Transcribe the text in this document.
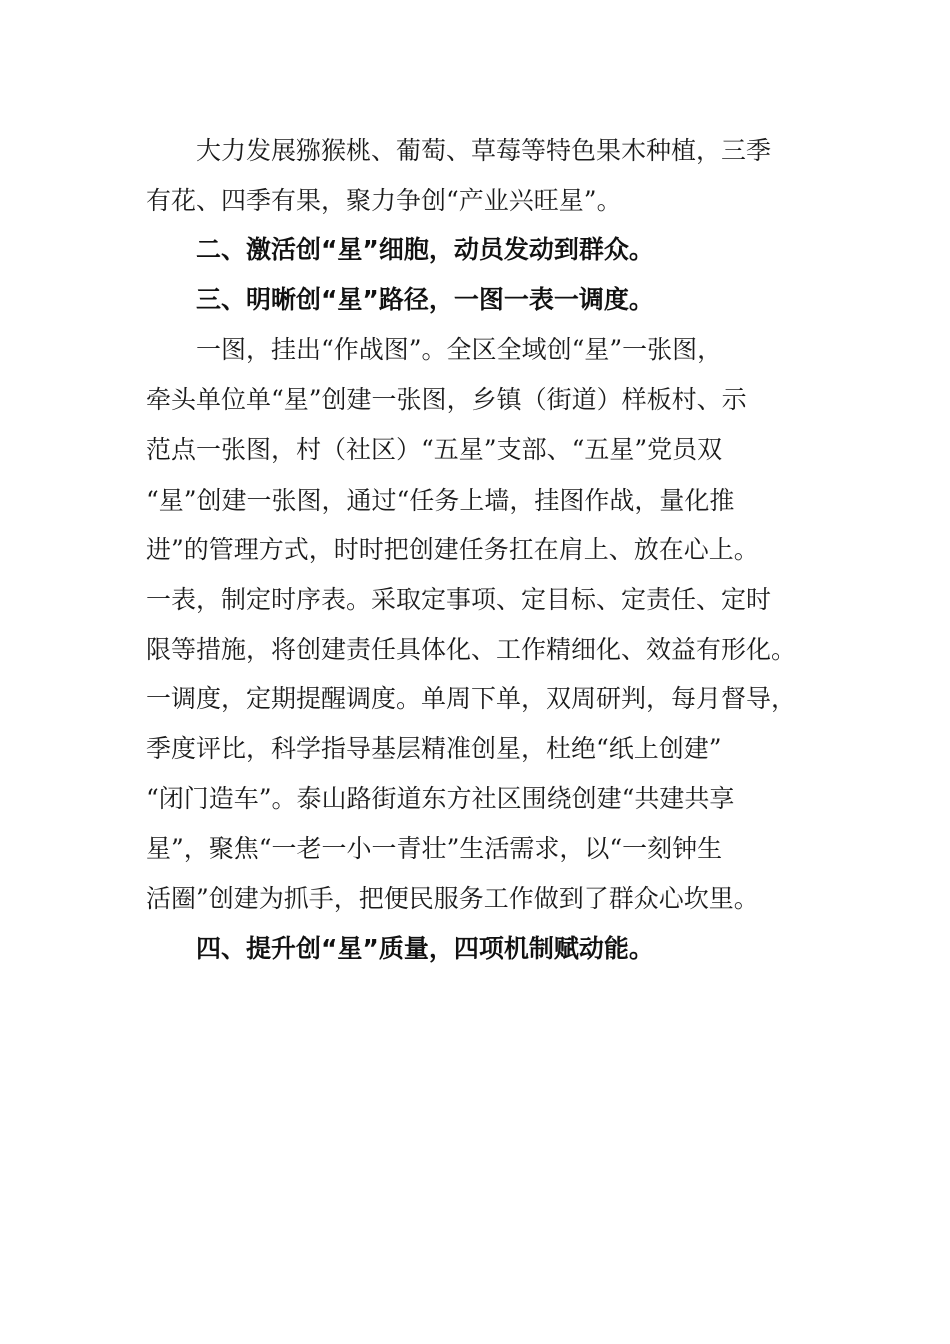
大力发展猕猴桃、葡萄、草莓等特色果木种植，三季
有花、四季有果，聚力争创“产业兴旺星”。
二、激活创“星”细胞，动员发动到群众。
三、明晰创“星”路径，一图一表一调度。
一图，挂出“作战图”。全区全域创“星”一张图，
牵头单位单“星”创建一张图，乡镇（街道）样板村、示
范点一张图，村（社区）“五星”支部、“五星”党员双
“星”创建一张图，通过“任务上墙，挂图作战，量化推
进”的管理方式，时时把创建任务扛在肩上、放在心上。
一表，制定时序表。采取定事项、定目标、定责任、定时
限等措施，将创建责任具体化、工作精细化、效益有形化。
一调度，定期提醒调度。单周下单，双周研判，每月督导，
季度评比，科学指导基层精准创星，杜绝“纸上创建”
“闭门造车”。泰山路街道东方社区围绕创建“共建共享
星”，聚焦“一老一小一青壮”生活需求，以“一刻钟生
活圈”创建为抓手，把便民服务工作做到了群众心坎里。
四、提升创“星”质量，四项机制赋动能。
